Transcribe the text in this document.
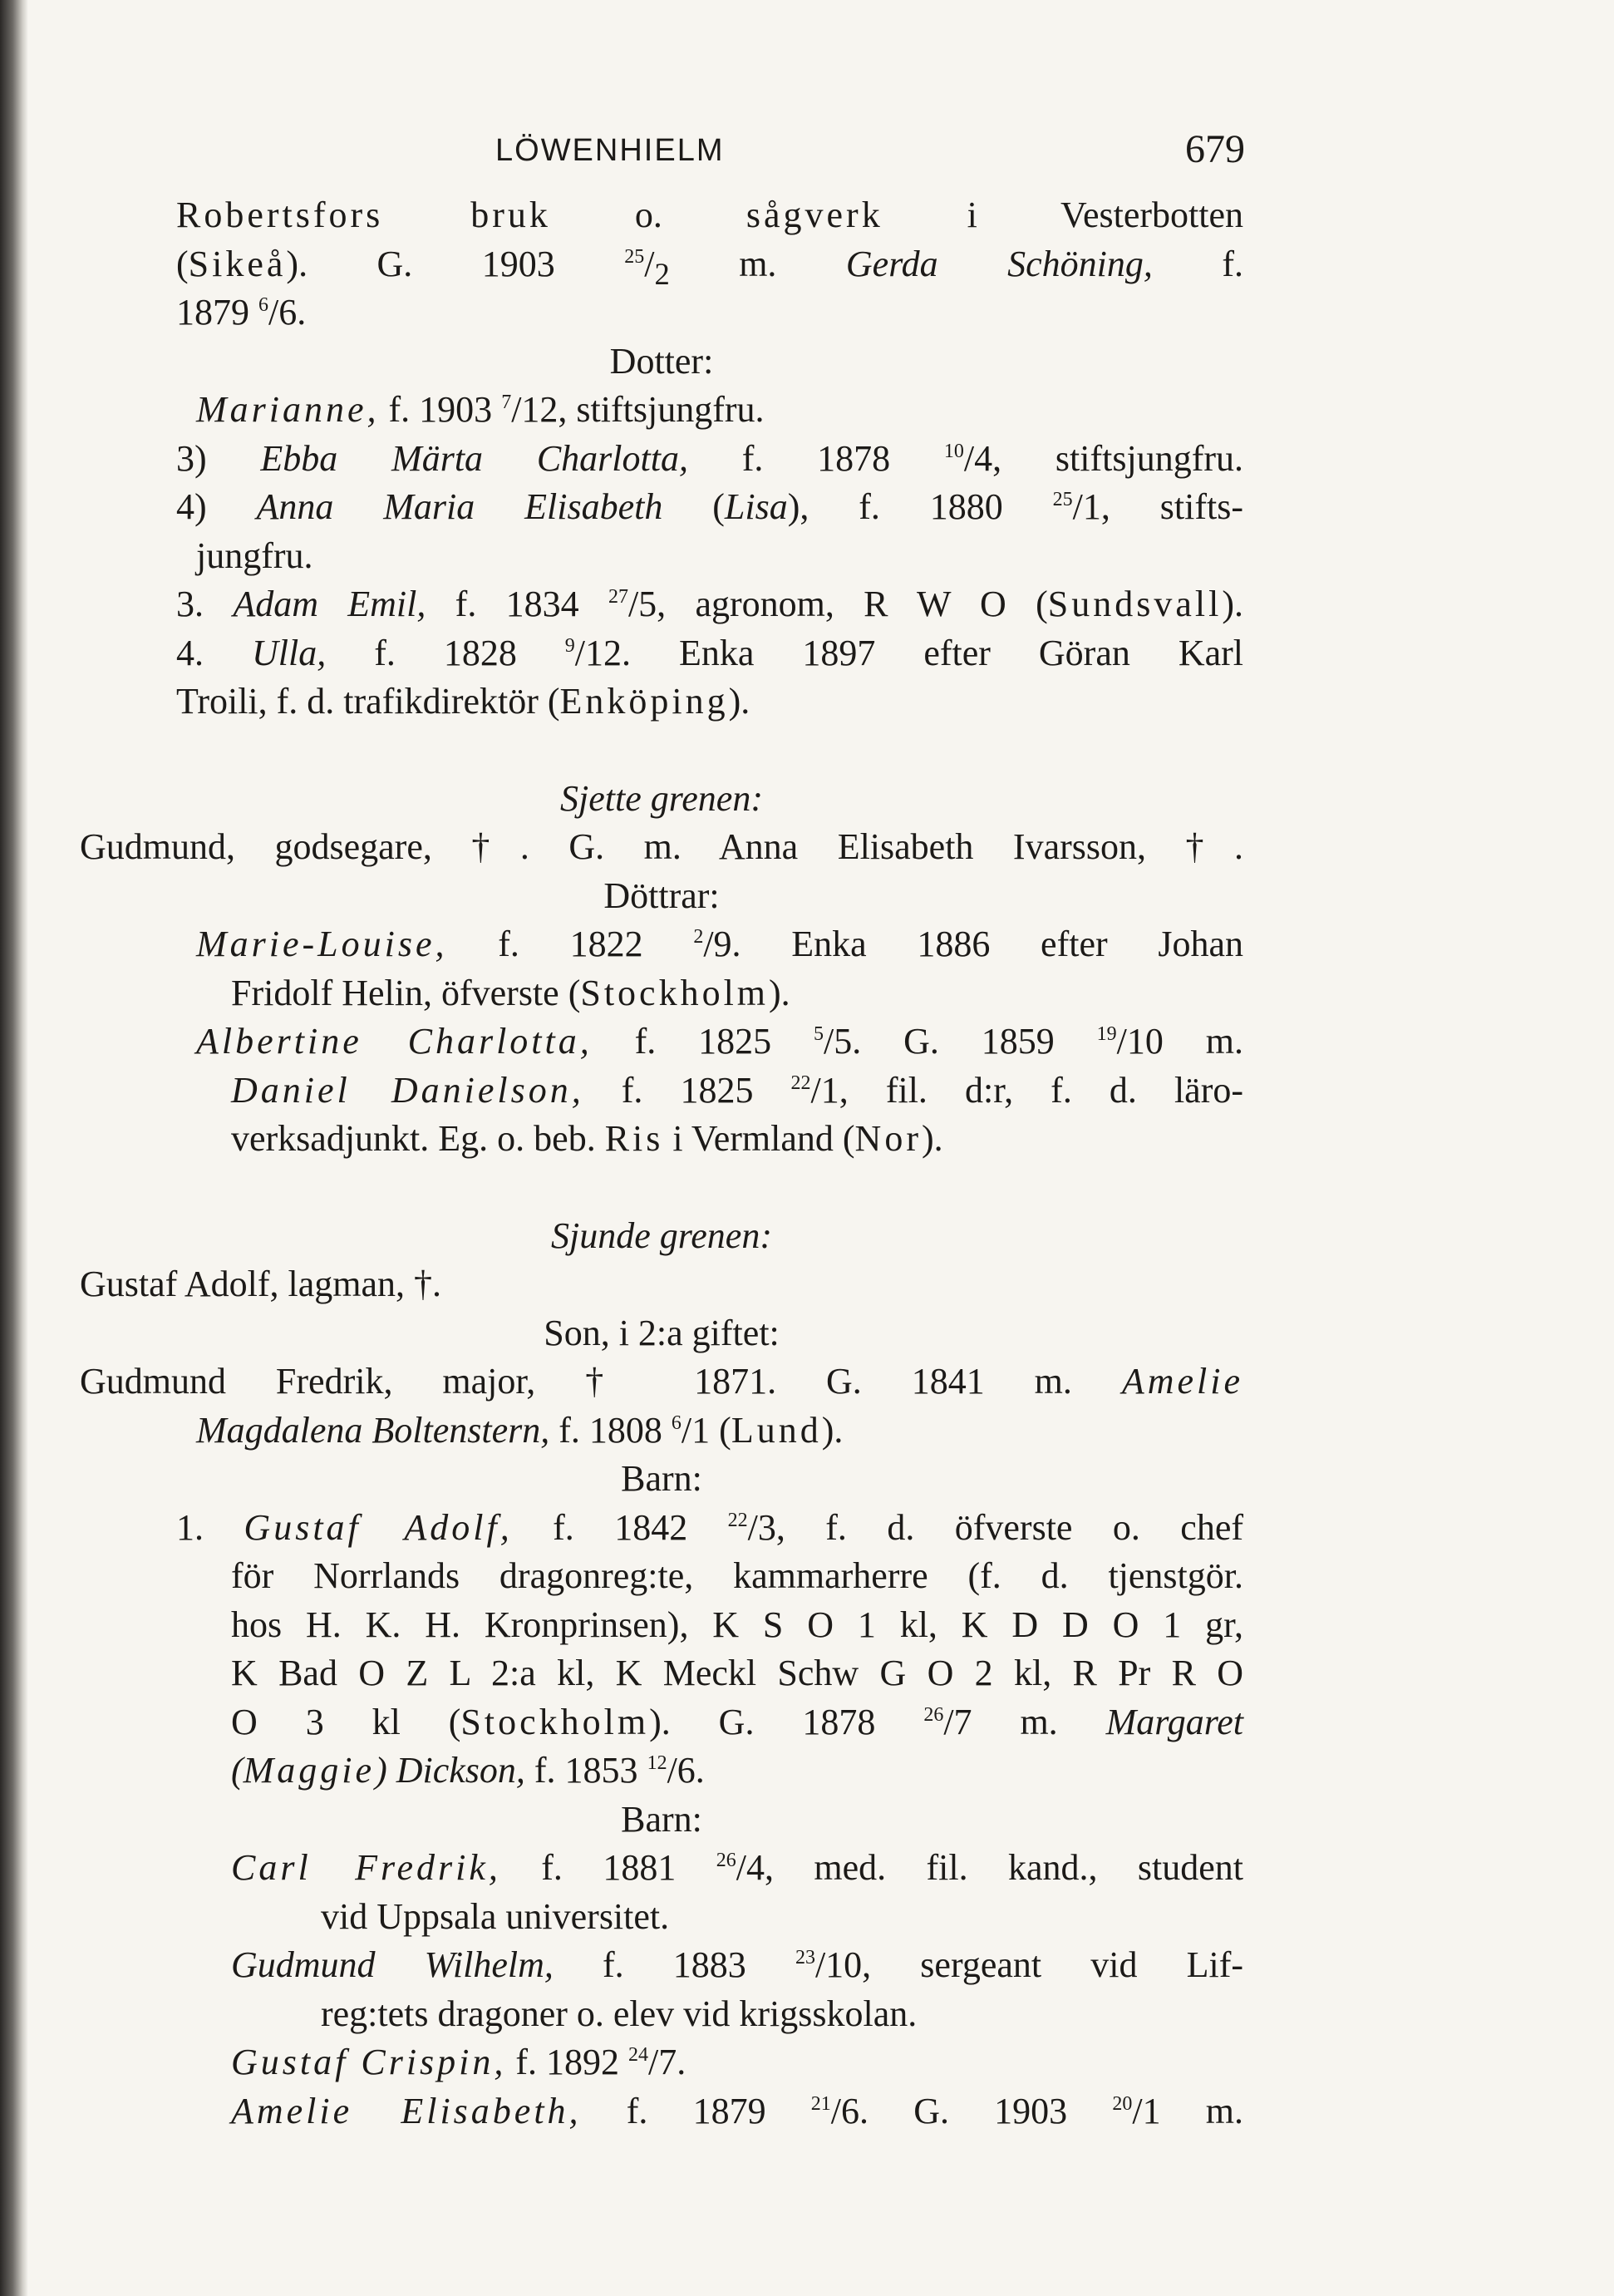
LÖWENHIELM	679
Robertsfors bruk o. sågverk i Vesterbotten
(Sikeå). G. 1903 $^{25}/_2$ m. Gerda Schöning, f.
1879 $^6$/6.
Dotter:
Marianne, f. 1903 $^7$/12, stiftsjungfru.
3) Ebba Märta Charlotta, f. 1878 $^{10}$/4, stiftsjungfru.
4) Anna Maria Elisabeth (Lisa), f. 1880 $^{25}$/1, stifts-
jungfru.
3. Adam Emil, f. 1834 $^{27}$/5, agronom, R W O (Sundsvall).
4. Ulla, f. 1828 $^9$/12. Enka 1897 efter Göran Karl
Troili, f. d. trafikdirektör (Enköping).
Sjette grenen:
Gudmund, godsegare, †. G. m. Anna Elisabeth Ivarsson, †.
Döttrar:
Marie-Louise, f. 1822 $^2$/9. Enka 1886 efter Johan
Fridolf Helin, öfverste (Stockholm).
Albertine Charlotta, f. 1825 $^5$/5. G. 1859 $^{19}$/10 m.
Daniel Danielson, f. 1825 $^{22}$/1, fil. d:r, f. d. läro-
verksadjunkt. Eg. o. beb. Ris i Vermland (Nor).
Sjunde grenen:
Gustaf Adolf, lagman, †.
Son, i 2:a giftet:
Gudmund Fredrik, major, † 1871. G. 1841 m. Amelie
Magdalena Boltenstern, f. 1808 $^6$/1 (Lund).
Barn:
1. Gustaf Adolf, f. 1842 $^{22}$/3, f. d. öfverste o. chef
för Norrlands dragonreg:te, kammarherre (f. d. tjenstgör.
hos H. K. H. Kronprinsen), K S O 1 kl, K D D O 1 gr,
K Bad O Z L 2:a kl, K Meckl Schw G O 2 kl, R Pr R O
O 3 kl (Stockholm). G. 1878 $^{26}$/7 m. Margaret
(Maggie) Dickson, f. 1853 $^{12}$/6.
Barn:
Carl Fredrik, f. 1881 $^{26}$/4, med. fil. kand., student
vid Uppsala universitet.
Gudmund Wilhelm, f. 1883 $^{23}$/10, sergeant vid Lif-
reg:tets dragoner o. elev vid krigsskolan.
Gustaf Crispin, f. 1892 $^{24}$/7.
Amelie Elisabeth, f. 1879 $^{21}$/6. G. 1903 $^{20}$/1 m.
